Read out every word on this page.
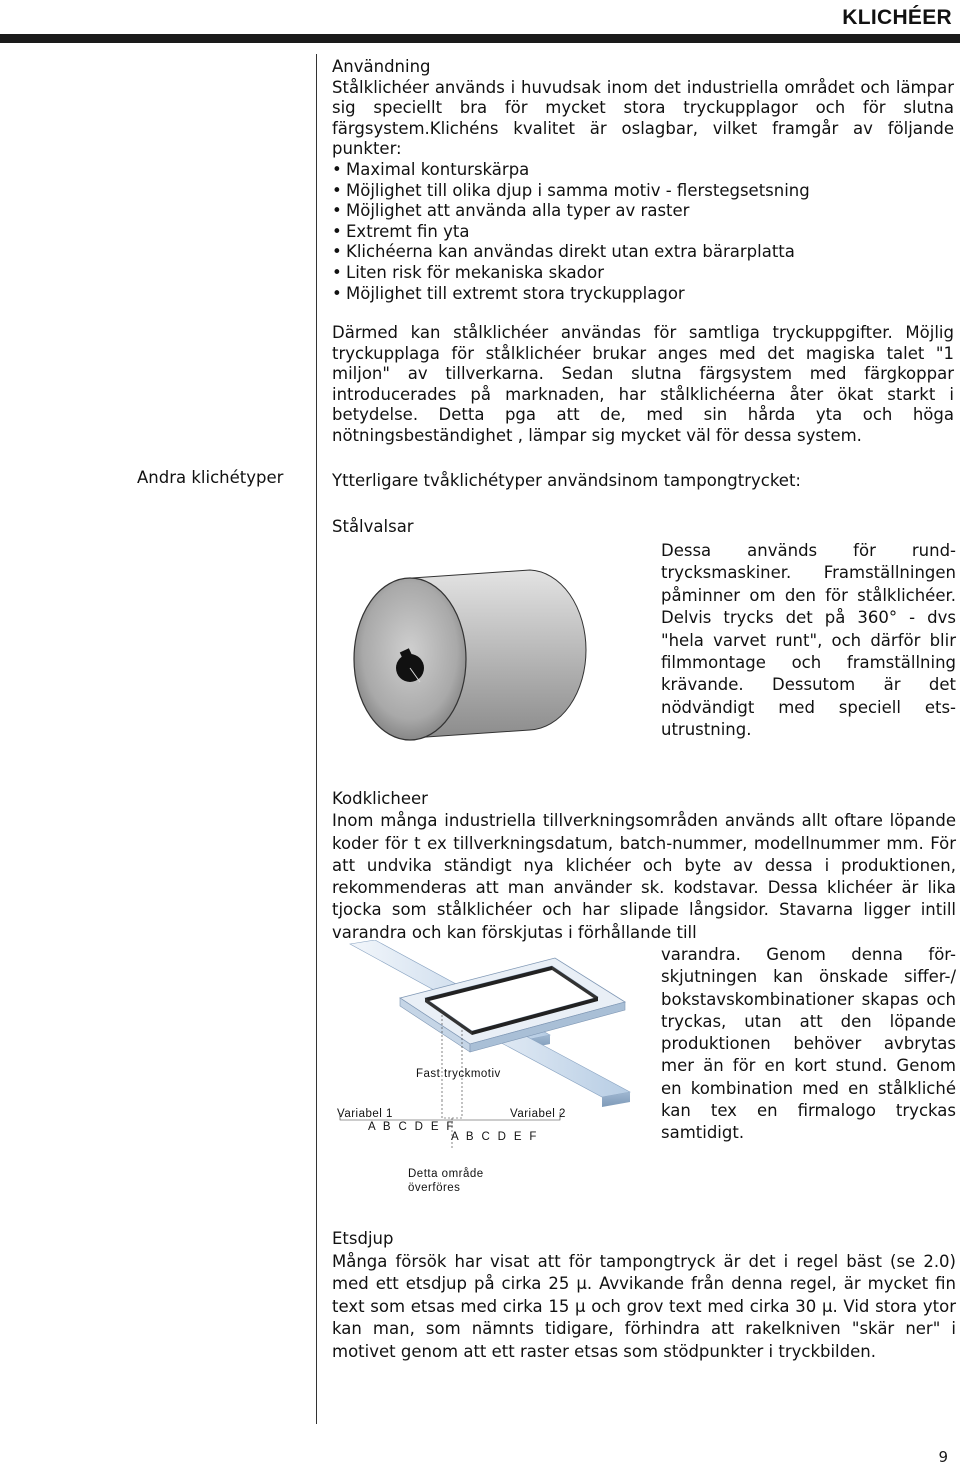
KLICHÉER
Användning

Stålklichéer används i huvudsak inom det industriella området och lämpar sig speciellt bra för mycket stora tryckupplagor och för slutna färgsystem.Klichéns kvalitet är oslagbar, vilket framgår av följande punkter:

• Maximal konturskärpa
• Möjlighet till olika djup i samma motiv - flerstegsetsning
• Möjlighet att använda alla typer av raster
• Extremt fin yta
• Klichéerna kan användas direkt utan extra bärarplatta
• Liten risk för mekaniska skador
• Möjlighet till extremt stora tryckupplagor
Därmed kan stålklichéer användas för samtliga tryckuppgifter. Möjlig tryckupplaga för stålklichéer brukar anges med det magiska talet "1 miljon" av tillverkarna. Sedan slutna färgsystem med färgkoppar introducerades på marknaden, har stålklichéerna åter ökat starkt i betydelse. Detta pga att de, med sin hårda yta och höga nötningsbeständighet , lämpar sig mycket väl för dessa system.
Andra klichétyper	Ytterligare tvåklichétyper användsinom tampongtrycket:
Stålvalsar
Dessa används för rund-trycksmaskiner. Framställningen påminner om den för stålklichéer. Delvis trycks det på 360° - dvs "hela varvet runt", och därför blir filmmontage och framställning krävande. Dessutom är det nödvändigt med speciell ets-utrustning.
Kodklicheer

Inom många industriella tillverkningsområden används allt oftare löpande koder för t ex tillverkningsdatum, batch-nummer, modellnummer mm. För att undvika ständigt nya klichéer och byte av dessa i produktionen, rekommenderas att man använder sk. kodstavar. Dessa klichéer är lika tjocka som stålklichéer och har slipade långsidor. Stavarna ligger intill varandra och kan förskjutas i förhållande till

varandra. Genom denna för-skjutningen kan önskade siffer-/ bokstavskombinationer skapas och tryckas, utan att den löpande produktionen behöver avbrytas mer än för en kort stund. Genom en kombination med en stålkliché kan tex en firmalogo tryckas samtidigt.
Fast tryckmotiv
Variabel 1	Variabel 2
A  B  C  D  E  F
A  B  C  D  E  F
Detta område
överföres
Etsdjup

Många försök har visat att för tampongtryck är det i regel bäst (se 2.0) med ett etsdjup på cirka 25 µ. Avvikande från denna regel, är mycket fin text som etsas med cirka 15 µ och grov text med cirka 30 µ. Vid stora ytor kan man, som nämnts tidigare, förhindra att rakelkniven "skär ner" i motivet genom att ett raster etsas som stödpunkter i tryckbilden.

9
